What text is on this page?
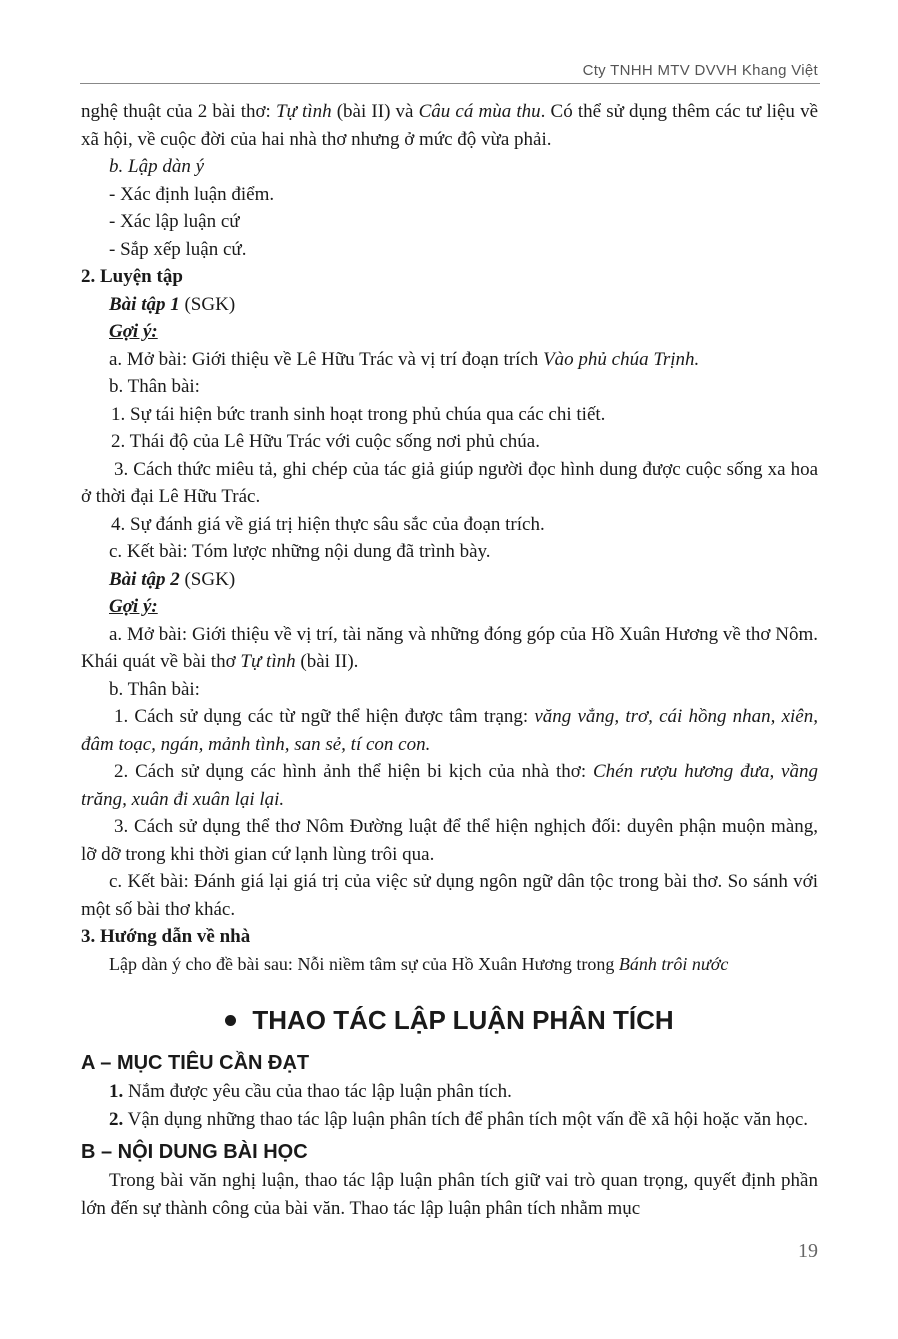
Cty TNHH MTV DVVH Khang Việt

nghệ thuật của 2 bài thơ: Tự tình (bài II) và Câu cá mùa thu. Có thể sử dụng thêm các tư liệu về xã hội, về cuộc đời của hai nhà thơ nhưng ở mức độ vừa phải.

b. Lập dàn ý

- Xác định luận điểm.

- Xác lập luận cứ

- Sắp xếp luận cứ.

2. Luyện tập

Bài tập 1 (SGK)

Gợi ý:

a. Mở bài: Giới thiệu về Lê Hữu Trác và vị trí đoạn trích Vào phủ chúa Trịnh.

b. Thân bài:

1. Sự tái hiện bức tranh sinh hoạt trong phủ chúa qua các chi tiết.

2. Thái độ của Lê Hữu Trác với cuộc sống nơi phủ chúa.

3. Cách thức miêu tả, ghi chép của tác giả giúp người đọc hình dung được cuộc sống xa hoa ở thời đại Lê Hữu Trác.

4. Sự đánh giá về giá trị hiện thực sâu sắc của đoạn trích.

c. Kết bài: Tóm lược những nội dung đã trình bày.

Bài tập 2 (SGK)

Gợi ý:

a. Mở bài: Giới thiệu về vị trí, tài năng và những đóng góp của Hồ Xuân Hương về thơ Nôm. Khái quát về bài thơ Tự tình (bài II).

b. Thân bài:

1. Cách sử dụng các từ ngữ thể hiện được tâm trạng: văng vẳng, trơ, cái hồng nhan, xiên, đâm toạc, ngán, mảnh tình, san sẻ, tí con con.

2. Cách sử dụng các hình ảnh thể hiện bi kịch của nhà thơ: Chén rượu hương đưa, vầng trăng, xuân đi xuân lại lại.

3. Cách sử dụng thể thơ Nôm Đường luật để thể hiện nghịch đối: duyên phận muộn màng, lỡ dỡ trong khi thời gian cứ lạnh lùng trôi qua.

c. Kết bài: Đánh giá lại giá trị của việc sử dụng ngôn ngữ dân tộc trong bài thơ. So sánh với một số bài thơ khác.

3. Hướng dẫn về nhà

Lập dàn ý cho đề bài sau: Nỗi niềm tâm sự của Hồ Xuân Hương trong Bánh trôi nước

THAO TÁC LẬP LUẬN PHÂN TÍCH
A – MỤC TIÊU CẦN ĐẠT

1. Nắm được yêu cầu của thao tác lập luận phân tích.

2. Vận dụng những thao tác lập luận phân tích để phân tích một vấn đề xã hội hoặc văn học.

B – NỘI DUNG BÀI HỌC

Trong bài văn nghị luận, thao tác lập luận phân tích giữ vai trò quan trọng, quyết định phần lớn đến sự thành công của bài văn. Thao tác lập luận phân tích nhằm mục

19
